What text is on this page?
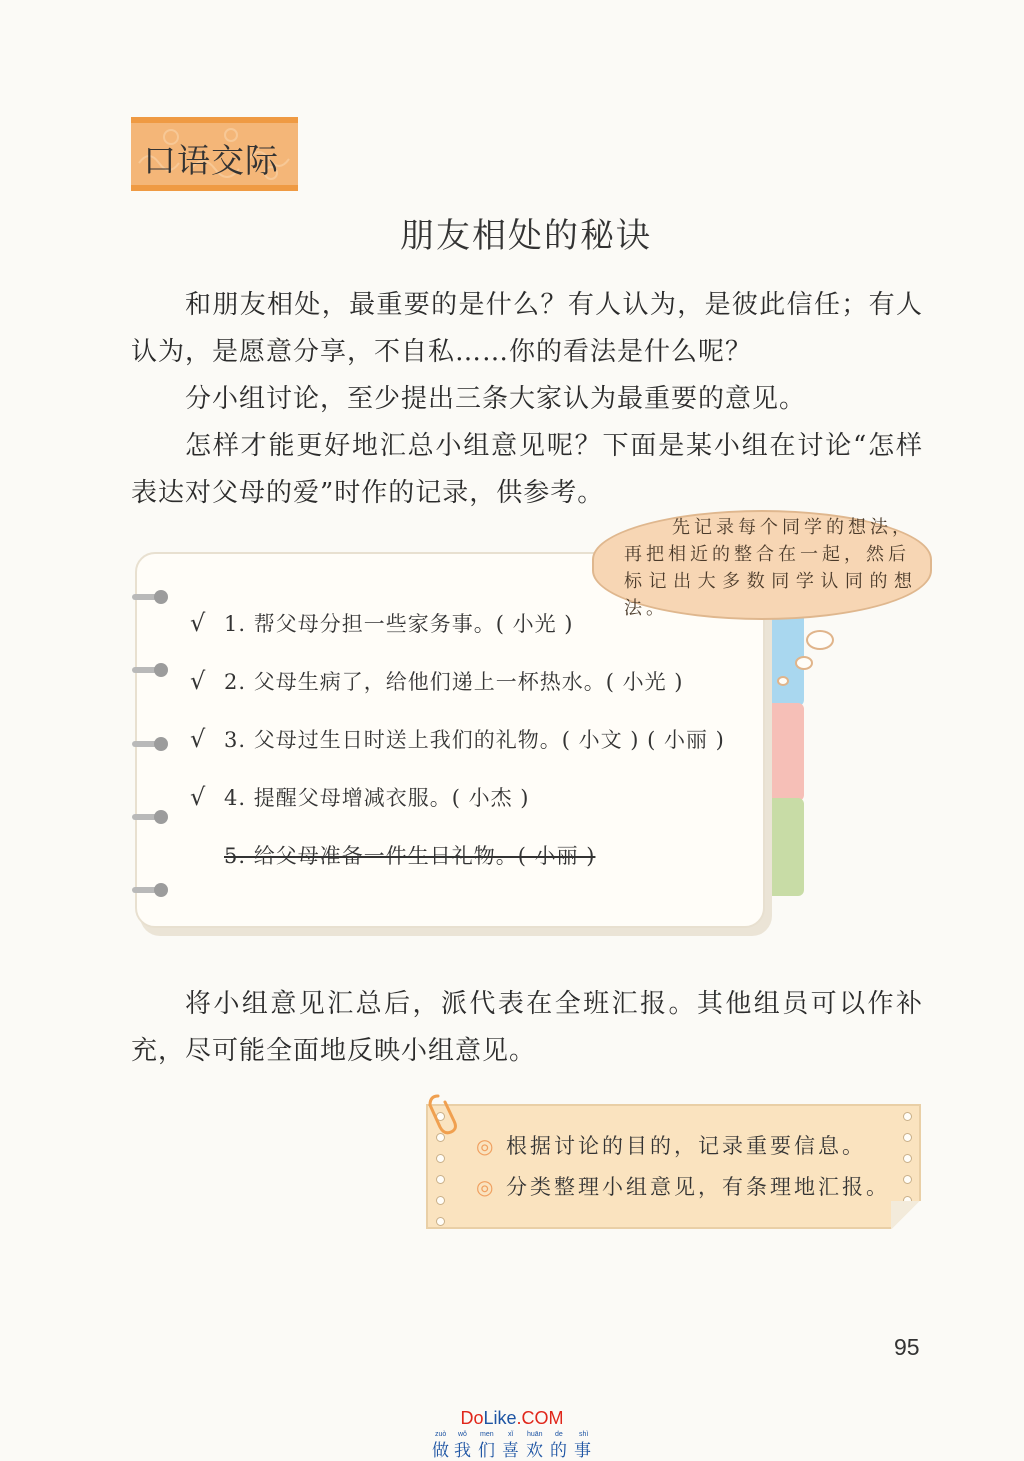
口语交际
朋友相处的秘诀
和朋友相处，最重要的是什么？有人认为，是彼此信任；有人认为，是愿意分享，不自私……你的看法是什么呢？
分小组讨论，至少提出三条大家认为最重要的意见。
怎样才能更好地汇总小组意见呢？下面是某小组在讨论“怎样表达对父母的爱”时作的记录，供参考。
√ 1. 帮父母分担一些家务事。( 小光 )
√ 2. 父母生病了，给他们递上一杯热水。( 小光 )
√ 3. 父母过生日时送上我们的礼物。( 小文 ) ( 小丽 )
√ 4. 提醒父母增减衣服。( 小杰 )
5. 给父母准备一件生日礼物。( 小丽 )
先记录每个同学的想法，
再把相近的整合在一起，然后
标记出大多数同学认同的想法。
将小组意见汇总后，派代表在全班汇报。其他组员可以作补充，尽可能全面地反映小组意见。
◎ 根据讨论的目的，记录重要信息。
◎ 分类整理小组意见，有条理地汇报。
95
DoLike.COM
zuò wǒ men xǐ huān de shì
做 我 们 喜 欢 的 事
